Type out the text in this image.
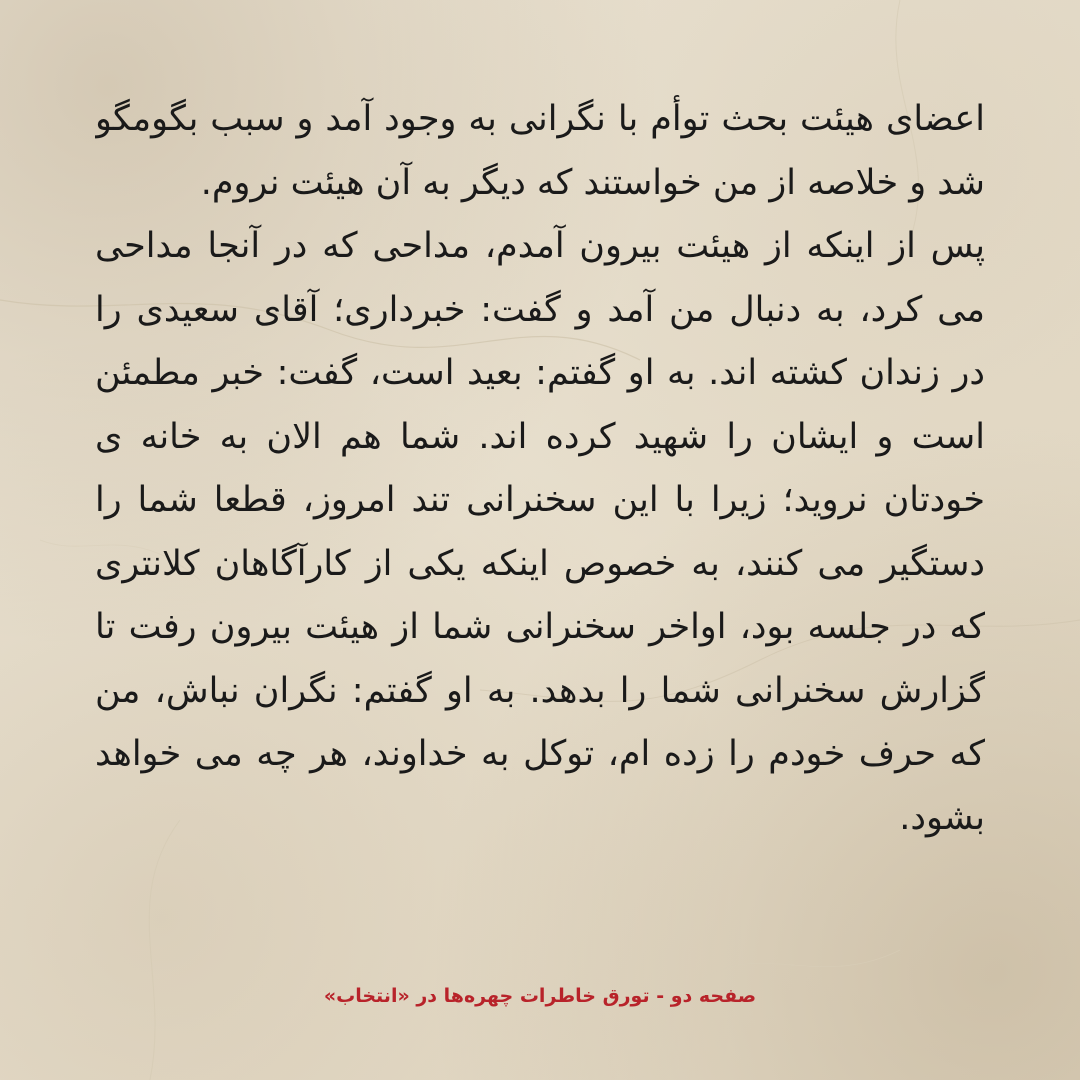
اعضای هیئت بحث توأم با نگرانی به وجود آمد و سبب بگومگو شد و خلاصه از من خواستند که دیگر به آن هیئت نروم.

پس از اینکه از هیئت بیرون آمدم، مداحی که در آنجا مداحی می کرد، به دنبال من آمد و گفت: خبرداری؛ آقای سعیدی را در زندان کشته اند. به او گفتم: بعید است، گفت: خبر مطمئن است و ایشان را شهید کرده اند. شما هم الان به خانه ی خودتان نروید؛ زیرا با این سخنرانی تند امروز، قطعا شما را دستگیر می کنند، به خصوص اینکه یکی از کارآگاهان کلانتری که در جلسه بود، اواخر سخنرانی شما از هیئت بیرون رفت تا گزارش سخنرانی شما را بدهد. به او گفتم: نگران نباش، من که حرف خودم را زده ام، توکل به خداوند، هر چه می خواهد بشود.

صفحه دو - تورق خاطرات چهره‌ها در «انتخاب»
